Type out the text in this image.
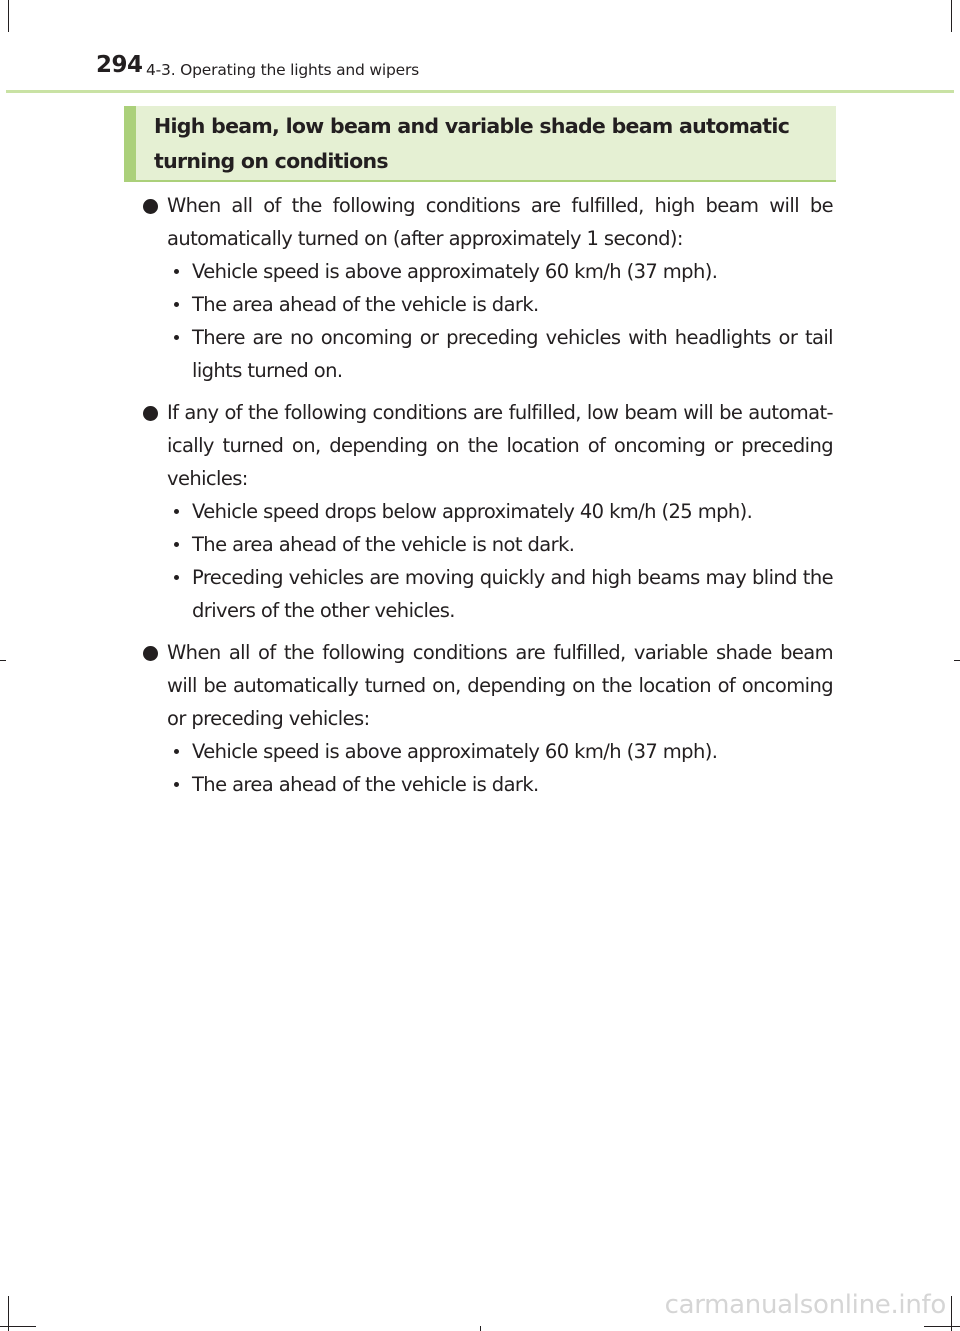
294 4-3. Operating the lights and wipers
High beam, low beam and variable shade beam automatic turning on conditions
When all of the following conditions are fulfilled, high beam will be automatically turned on (after approximately 1 second):
Vehicle speed is above approximately 60 km/h (37 mph).
The area ahead of the vehicle is dark.
There are no oncoming or preceding vehicles with headlights or tail lights turned on.
If any of the following conditions are fulfilled, low beam will be automat-ically turned on, depending on the location of oncoming or preceding vehicles:
Vehicle speed drops below approximately 40 km/h (25 mph).
The area ahead of the vehicle is not dark.
Preceding vehicles are moving quickly and high beams may blind the drivers of the other vehicles.
When all of the following conditions are fulfilled, variable shade beam will be automatically turned on, depending on the location of oncoming or preceding vehicles:
Vehicle speed is above approximately 60 km/h (37 mph).
The area ahead of the vehicle is dark.
carmanualsonline.info
